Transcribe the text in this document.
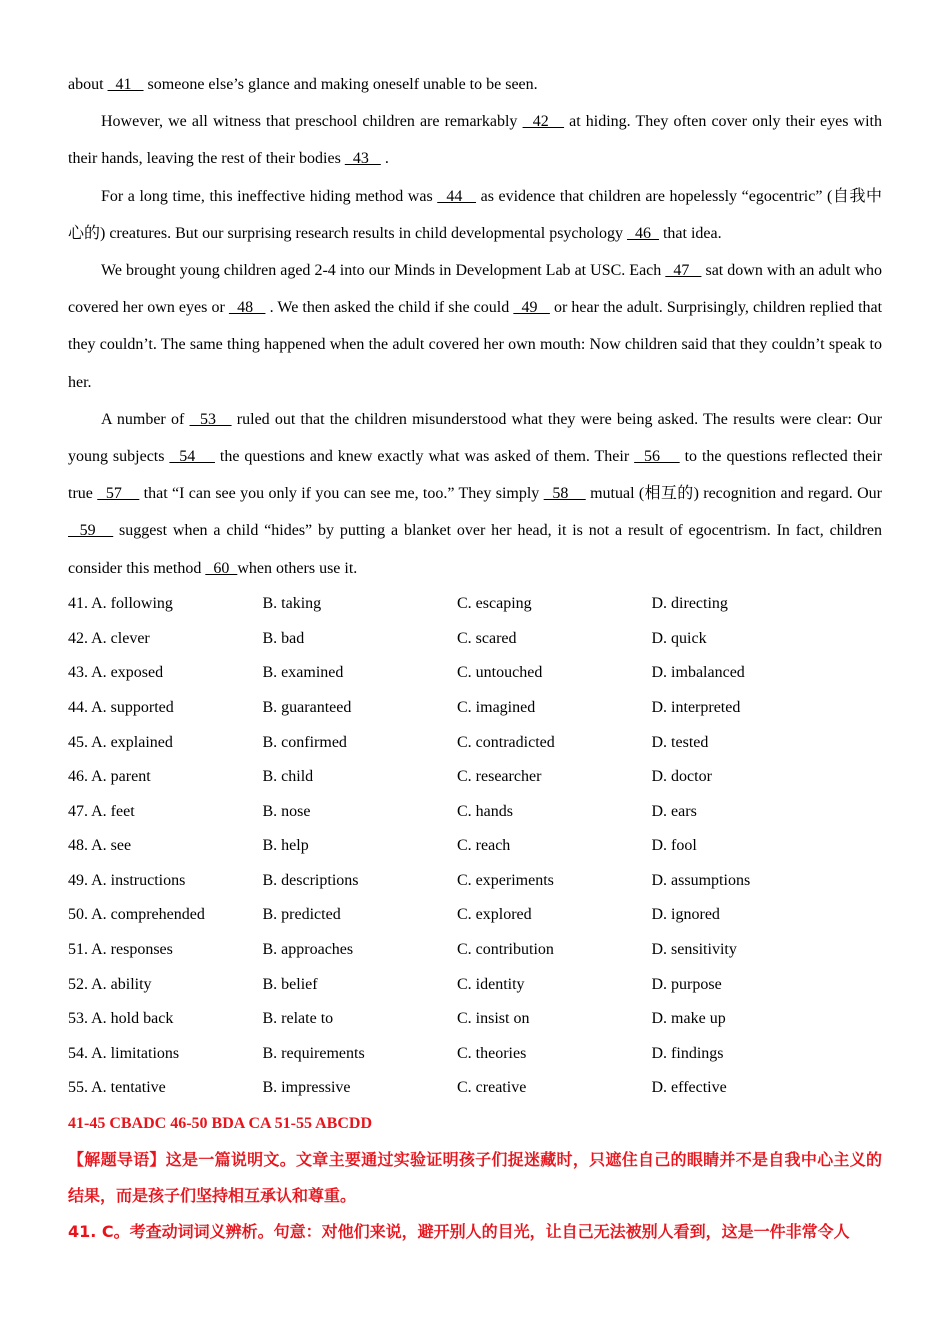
about   41    someone else’s glance and making oneself unable to be seen.

However, we all witness that preschool children are remarkably   42    at hiding. They often cover only their eyes with their hands, leaving the rest of their bodies   43    .

For a long time, this ineffective hiding method was   44    as evidence that children are hopelessly “egocentric” (自我中心的) creatures. But our surprising research results in child developmental psychology   46   that idea.

We brought young children aged 2-4 into our Minds in Development Lab at USC. Each   47    sat down with an adult who covered her own eyes or   48    . We then asked the child if she could   49    or hear the adult. Surprisingly, children replied that they couldn’t. The same thing happened when the adult covered her own mouth: Now children said that they couldn’t speak to her.

A number of   53    ruled out that the children misunderstood what they were being asked. The results were clear: Our young subjects   54     the questions and knew exactly what was asked of them. Their   56     to the questions reflected their true   57     that “I can see you only if you can see me, too.” They simply   58     mutual (相互的) recognition and regard. Our   59    suggest when a child “hides” by putting a blanket over her head, it is not a result of egocentrism. In fact, children consider this method   60  when others use it.

41. A. following	B. taking	C. escaping	D. directing
42. A. clever	B. bad	C. scared	D. quick
43. A. exposed	B. examined	C. untouched	D. imbalanced
44. A. supported	B. guaranteed	C. imagined	D. interpreted
45. A. explained	B. confirmed	C. contradicted	D. tested
46. A. parent	B. child	C. researcher	D. doctor
47. A. feet	B. nose	C. hands	D. ears
48. A. see	B. help	C. reach	D. fool
49. A. instructions	B. descriptions	C. experiments	D. assumptions
50. A. comprehended	B. predicted	C. explored	D. ignored
51. A. responses	B. approaches	C. contribution	D. sensitivity
52. A. ability	B. belief	C. identity	D. purpose
53. A. hold back	B. relate to	C. insist on	D. make up
54. A. limitations	B. requirements	C. theories	D. findings
55. A. tentative	B. impressive	C. creative	D. effective

41-45 CBADC 46-50 BDA CA 51-55 ABCDD

【解题导语】这是一篇说明文。文章主要通过实验证明孩子们捉迷藏时，只遮住自己的眼睛并不是自我中心主义的结果，而是孩子们坚持相互承认和尊重。

41. C。考查动词词义辨析。句意：对他们来说，避开别人的目光，让自己无法被别人看到，这是一件非常令人
